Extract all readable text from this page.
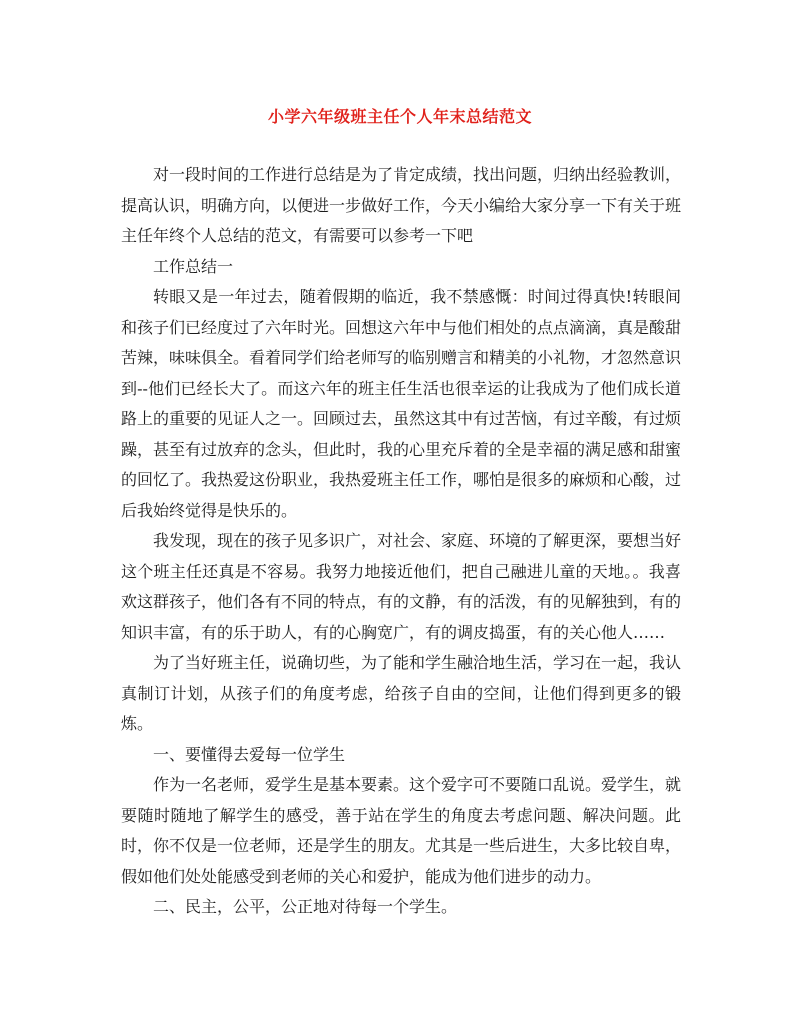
小学六年级班主任个人年末总结范文

对一段时间的工作进行总结是为了肯定成绩，找出问题，归纳出经验教训，提高认识，明确方向，以便进一步做好工作，今天小编给大家分享一下有关于班主任年终个人总结的范文，有需要可以参考一下吧

工作总结一

转眼又是一年过去，随着假期的临近，我不禁感慨：时间过得真快!转眼间和孩子们已经度过了六年时光。回想这六年中与他们相处的点点滴滴，真是酸甜苦辣，味味俱全。看着同学们给老师写的临别赠言和精美的小礼物，才忽然意识到--他们已经长大了。而这六年的班主任生活也很幸运的让我成为了他们成长道路上的重要的见证人之一。回顾过去，虽然这其中有过苦恼，有过辛酸，有过烦躁，甚至有过放弃的念头，但此时，我的心里充斥着的全是幸福的满足感和甜蜜的回忆了。我热爱这份职业，我热爱班主任工作，哪怕是很多的麻烦和心酸，过后我始终觉得是快乐的。

我发现，现在的孩子见多识广，对社会、家庭、环境的了解更深，要想当好这个班主任还真是不容易。我努力地接近他们，把自己融进儿童的天地。。我喜欢这群孩子，他们各有不同的特点，有的文静，有的活泼，有的见解独到，有的知识丰富，有的乐于助人，有的心胸宽广，有的调皮捣蛋，有的关心他人……

为了当好班主任，说确切些，为了能和学生融洽地生活，学习在一起，我认真制订计划，从孩子们的角度考虑，给孩子自由的空间，让他们得到更多的锻炼。

一、要懂得去爱每一位学生

作为一名老师，爱学生是基本要素。这个爱字可不要随口乱说。爱学生，就要随时随地了解学生的感受，善于站在学生的角度去考虑问题、解决问题。此时，你不仅是一位老师，还是学生的朋友。尤其是一些后进生，大多比较自卑，假如他们处处能感受到老师的关心和爱护，能成为他们进步的动力。

二、民主，公平，公正地对待每一个学生。
